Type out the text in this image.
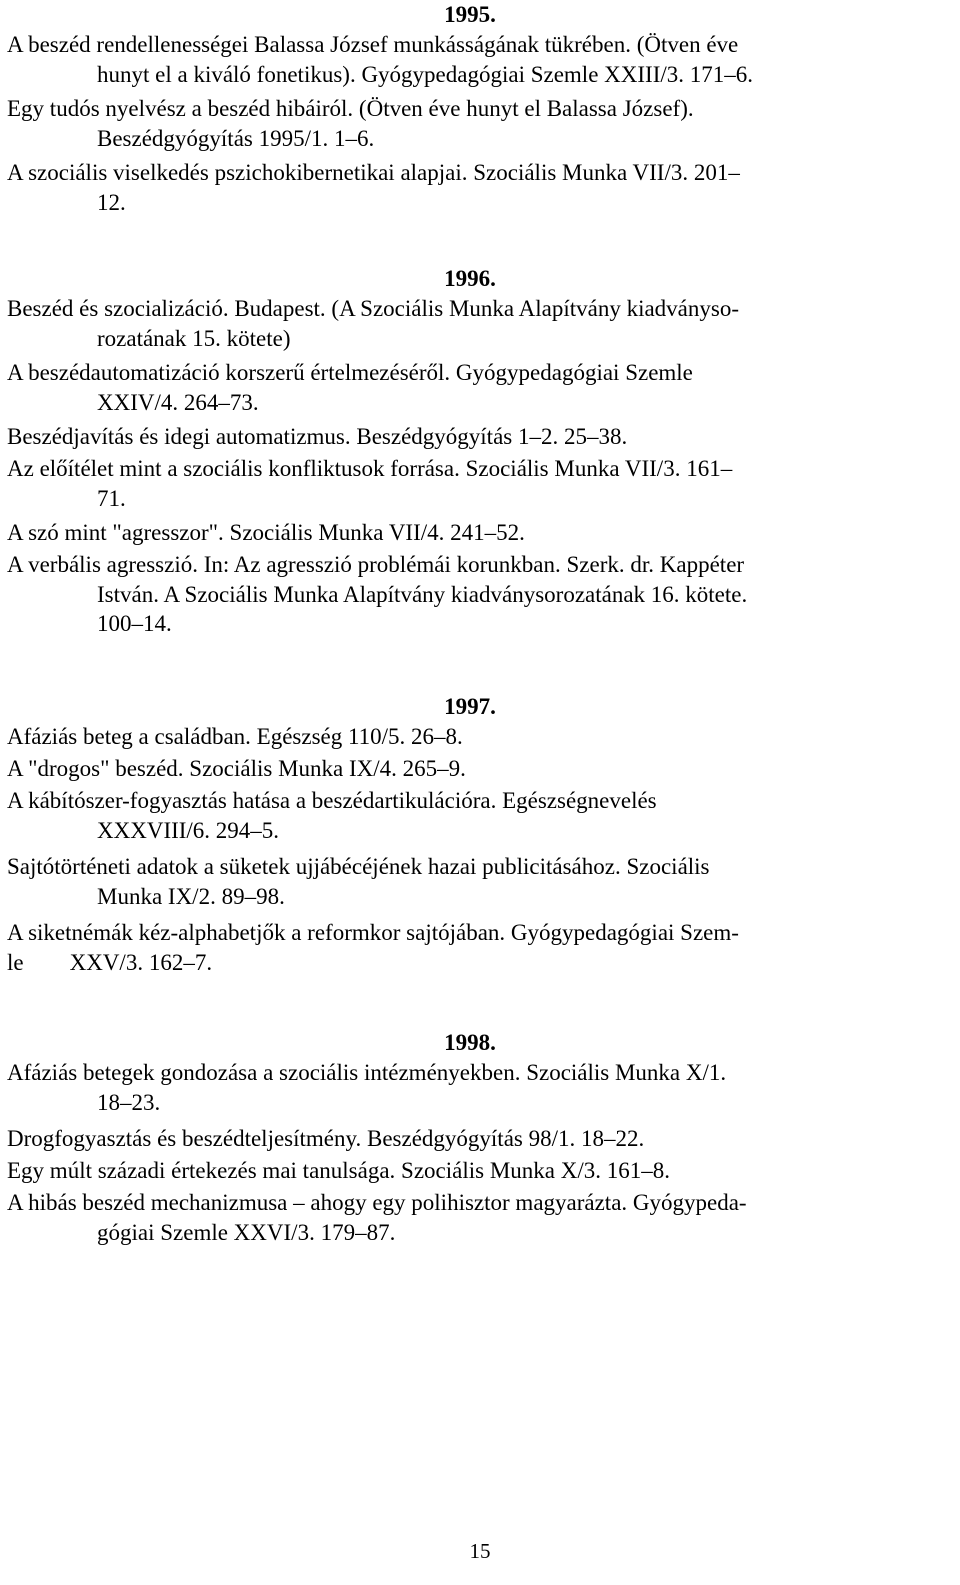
1995.
A beszéd rendellenességei Balassa József munkásságának tükrében. (Ötven éve
hunyt el a kiváló fonetikus). Gyógypedagógiai Szemle XXIII/3. 171–6.
Egy tudós nyelvész a beszéd hibáiról. (Ötven éve hunyt el Balassa József).
Beszédgyógyítás 1995/1. 1–6.
A szociális viselkedés pszichokibernetikai alapjai. Szociális Munka VII/3. 201–
12.
1996.
Beszéd és szocializáció. Budapest. (A Szociális Munka Alapítvány kiadványso-
rozatának 15. kötete)
A beszédautomatizáció korszerű értelmezéséről. Gyógypedagógiai Szemle
XXIV/4. 264–73.
Beszédjavítás és idegi automatizmus. Beszédgyógyítás 1–2. 25–38.
Az előítélet mint a szociális konfliktusok forrása. Szociális Munka VII/3. 161–
71.
A szó mint "agresszor". Szociális Munka VII/4. 241–52.
A verbális agresszió. In: Az agresszió problémái korunkban. Szerk. dr. Kappéter
István. A Szociális Munka Alapítvány kiadványsorozatának 16. kötete.
100–14.
1997.
Afáziás beteg a családban. Egészség 110/5. 26–8.
A "drogos" beszéd. Szociális Munka IX/4. 265–9.
A kábítószer-fogyasztás hatása a beszédartikulációra. Egészségnevelés
XXXVIII/6. 294–5.
Sajtótörténeti adatok a süketek ujjábécéjének hazai publicitásához. Szociális
Munka IX/2. 89–98.
A siketnémák kéz-alphabetjők a reformkor sajtójában. Gyógypedagógiai Szem-
le        XXV/3. 162–7.
1998.
Afáziás betegek gondozása a szociális intézményekben. Szociális Munka X/1.
18–23.
Drogfogyasztás és beszédteljesítmény. Beszédgyógyítás 98/1. 18–22.
Egy múlt századi értekezés mai tanulsága. Szociális Munka X/3. 161–8.
A hibás beszéd mechanizmusa – ahogy egy polihisztor magyarázta. Gyógypeda-
gógiai Szemle XXVI/3. 179–87.
15
